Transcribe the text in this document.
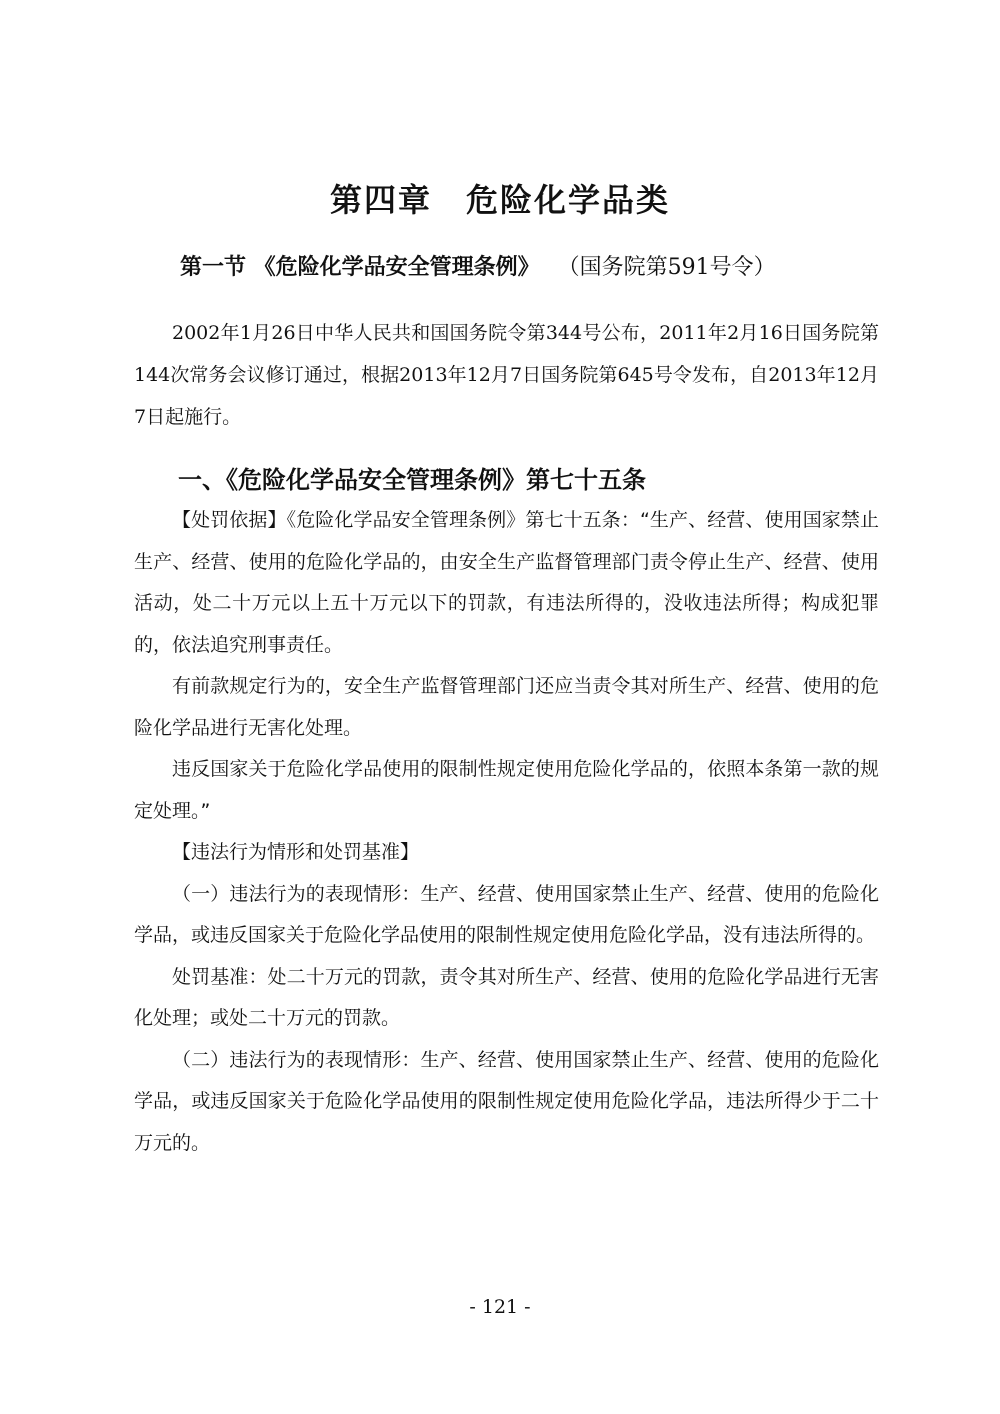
第四章 危险化学品类
第一节 《危险化学品安全管理条例》 （国务院第591号令）

2002年1月26日中华人民共和国国务院令第344号公布，2011年2月16日国务院第144次常务会议修订通过，根据2013年12月7日国务院第645号令发布，自2013年12月7日起施行。

一、《危险化学品安全管理条例》第七十五条

【处罚依据】《危险化学品安全管理条例》第七十五条：“生产、经营、使用国家禁止生产、经营、使用的危险化学品的，由安全生产监督管理部门责令停止生产、经营、使用活动，处二十万元以上五十万元以下的罚款，有违法所得的，没收违法所得；构成犯罪的，依法追究刑事责任。

有前款规定行为的，安全生产监督管理部门还应当责令其对所生产、经营、使用的危险化学品进行无害化处理。

违反国家关于危险化学品使用的限制性规定使用危险化学品的，依照本条第一款的规定处理。”

【违法行为情形和处罚基准】

（一）违法行为的表现情形：生产、经营、使用国家禁止生产、经营、使用的危险化学品，或违反国家关于危险化学品使用的限制性规定使用危险化学品，没有违法所得的。

处罚基准：处二十万元的罚款，责令其对所生产、经营、使用的危险化学品进行无害化处理；或处二十万元的罚款。

（二）违法行为的表现情形：生产、经营、使用国家禁止生产、经营、使用的危险化学品，或违反国家关于危险化学品使用的限制性规定使用危险化学品，违法所得少于二十万元的。

- 121 -
